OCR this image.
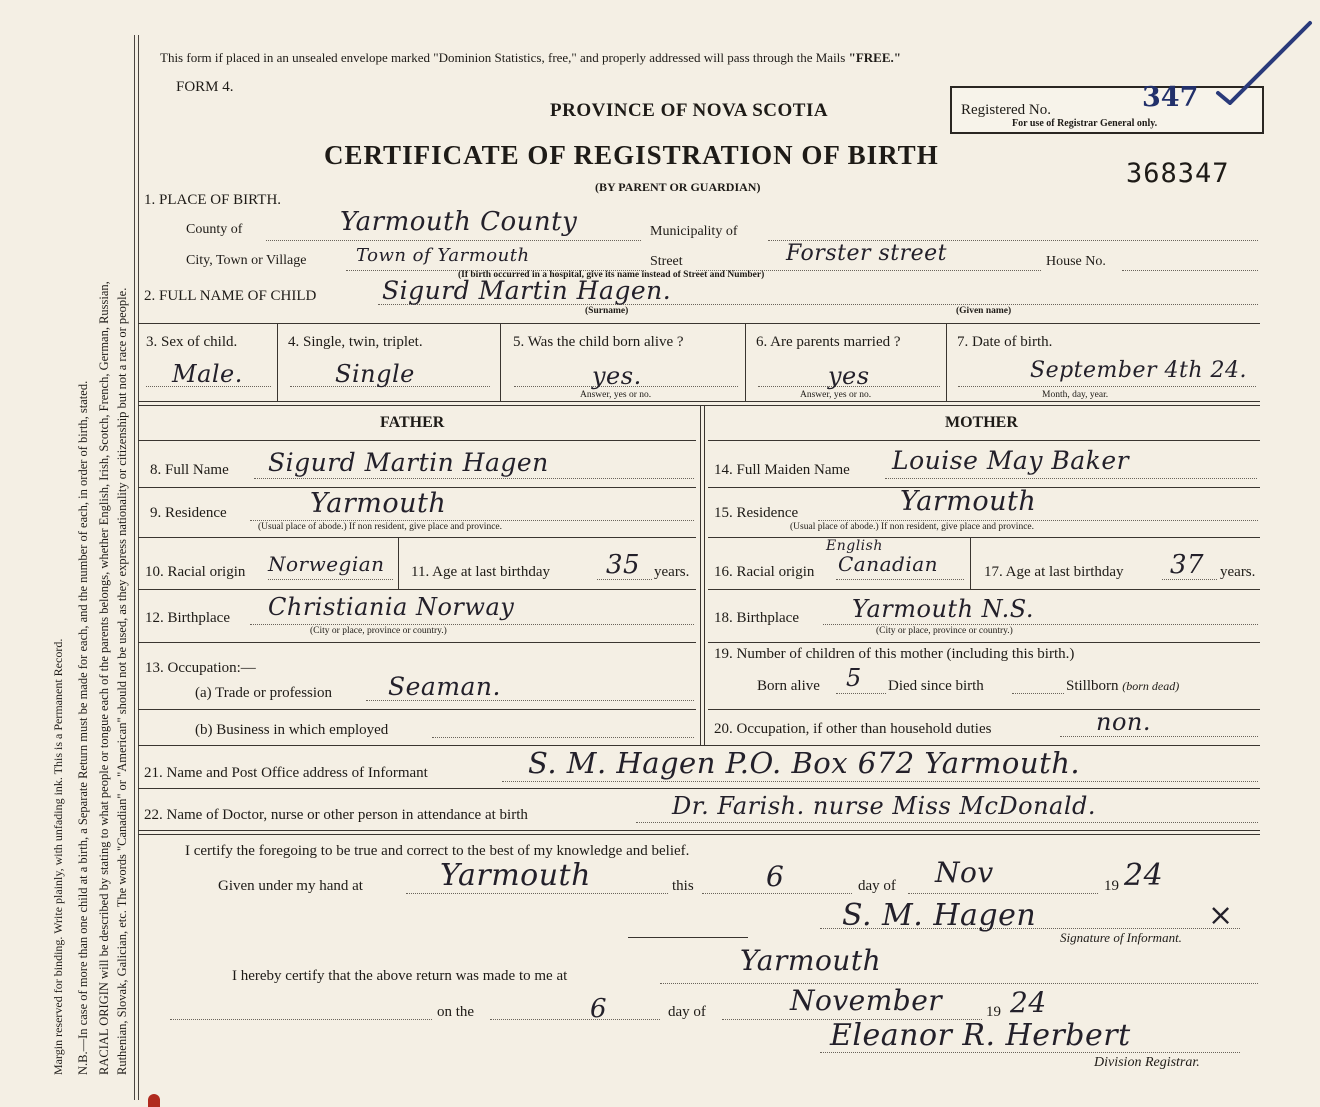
Margin reserved for binding. Write plainly, with unfading ink. This is a Permanent Record. N.B.—In case of more than one child at a birth, a Separate Return must be made for each, and the number of each, in order of birth, stated. RACIAL ORIGIN will be described by stating to what people or tongue each of the parents belongs, whether English, Irish, Scotch, French, German, Russian, Ruthenian, Slovak, Galician, etc. The words "Canadian" or "American" should not be used, as they express nationality or citizenship but not a race or people.
This form if placed in an unsealed envelope marked "Dominion Statistics, free," and properly addressed will pass through the Mails "FREE."
FORM 4.
PROVINCE OF NOVA SCOTIA
CERTIFICATE OF REGISTRATION OF BIRTH
(BY PARENT OR GUARDIAN)
Registered No.
For use of Registrar General only.
347
368347
1. PLACE OF BIRTH.
County of	Yarmouth County	Municipality of
City, Town or Village	Town of Yarmouth	Street	Forster street	House No.
(If birth occurred in a hospital, give its name instead of Street and Number)
2. FULL NAME OF CHILD	Sigurd Martin Hagen.
(Surname)	(Given name)
3. Sex of child.
Male.
4. Single, twin, triplet.
Single
5. Was the child born alive ?
yes.
Answer, yes or no.
6. Are parents married ?
yes
Answer, yes or no.
7. Date of birth.
September 4th 24.
Month, day, year.
FATHER	MOTHER
8. Full Name Sigurd Martin Hagen
9. Residence	Yarmouth
(Usual place of abode.) If non resident, give place and province.
10. Racial origin Norwegian 11. Age at last birthday 35 years.
12. Birthplace Christiania Norway
(City or place, province or country.)
13. Occupation:—
(a) Trade or profession Seaman.
(b) Business in which employed
14. Full Maiden Name Louise May Baker
15. Residence	Yarmouth
(Usual place of abode.) If non resident, give place and province.
16. Racial origin
English
Canadian	17. Age at last birthday 37 years.
18. Birthplace Yarmouth N.S.
(City or place, province or country.)
19. Number of children of this mother (including this birth.)
Born alive 5 Died since birth	Stillborn (born dead)
20. Occupation, if other than household duties	non.
21. Name and Post Office address of Informant	S. M. Hagen P.O. Box 672 Yarmouth.
22. Name of Doctor, nurse or other person in attendance at birth	Dr. Farish. nurse Miss McDonald.
I certify the foregoing to be true and correct to the best of my knowledge and belief.
Given under my hand at	Yarmouth	this	6	day of Nov	19 24
S. M. Hagen	×
Signature of Informant.
I hereby certify that the above return was made to me at	Yarmouth
on the	6	day of	November	19 24
Eleanor R. Herbert
Division Registrar.
